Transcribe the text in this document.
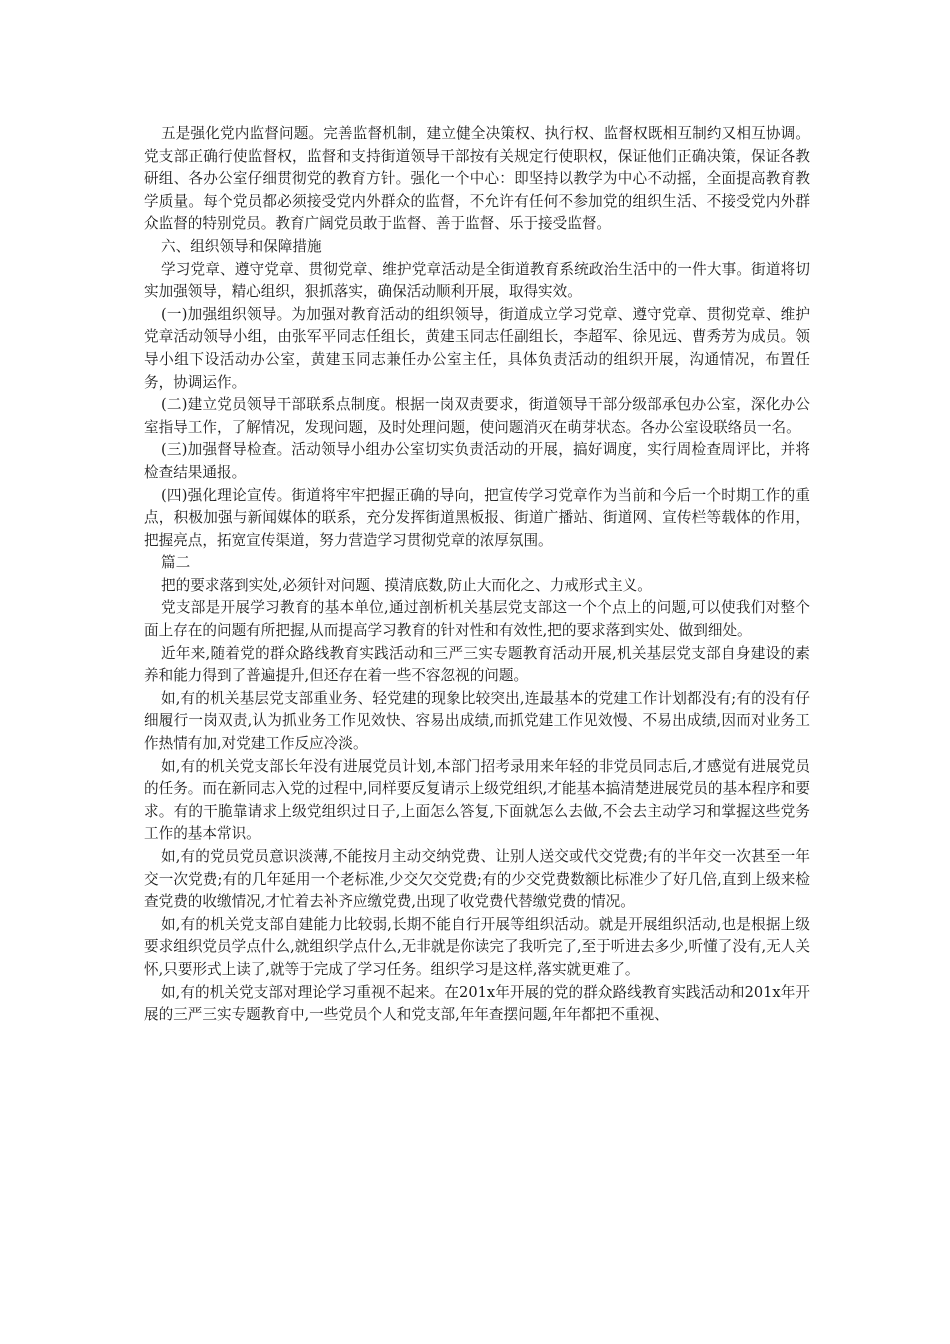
五是强化党内监督问题。完善监督机制，建立健全决策权、执行权、监督权既相互制约又相互协调。党支部正确行使监督权，监督和支持街道领导干部按有关规定行使职权，保证他们正确决策，保证各教研组、各办公室仔细贯彻党的教育方针。强化一个中心：即坚持以教学为中心不动摇，全面提高教育教学质量。每个党员都必须接受党内外群众的监督，不允许有任何不参加党的组织生活、不接受党内外群众监督的特别党员。教育广阔党员敢于监督、善于监督、乐于接受监督。

六、组织领导和保障措施

学习党章、遵守党章、贯彻党章、维护党章活动是全街道教育系统政治生活中的一件大事。街道将切实加强领导，精心组织，狠抓落实，确保活动顺利开展，取得实效。

(一)加强组织领导。为加强对教育活动的组织领导，街道成立学习党章、遵守党章、贯彻党章、维护党章活动领导小组，由张军平同志任组长，黄建玉同志任副组长，李超军、徐见远、曹秀芳为成员。领导小组下设活动办公室，黄建玉同志兼任办公室主任，具体负责活动的组织开展，沟通情况，布置任务，协调运作。

(二)建立党员领导干部联系点制度。根据一岗双责要求，街道领导干部分级部承包办公室，深化办公室指导工作，了解情况，发现问题，及时处理问题，使问题消灭在萌芽状态。各办公室设联络员一名。

(三)加强督导检查。活动领导小组办公室切实负责活动的开展，搞好调度，实行周检查周评比，并将检查结果通报。

(四)强化理论宣传。街道将牢牢把握正确的导向，把宣传学习党章作为当前和今后一个时期工作的重点，积极加强与新闻媒体的联系，充分发挥街道黑板报、街道广播站、街道网、宣传栏等载体的作用，把握亮点，拓宽宣传渠道，努力营造学习贯彻党章的浓厚氛围。

篇二

把的要求落到实处,必须针对问题、摸清底数,防止大而化之、力戒形式主义。

党支部是开展学习教育的基本单位,通过剖析机关基层党支部这一个个点上的问题,可以使我们对整个面上存在的问题有所把握,从而提高学习教育的针对性和有效性,把的要求落到实处、做到细处。

近年来,随着党的群众路线教育实践活动和三严三实专题教育活动开展,机关基层党支部自身建设的素养和能力得到了普遍提升,但还存在着一些不容忽视的问题。

如,有的机关基层党支部重业务、轻党建的现象比较突出,连最基本的党建工作计划都没有;有的没有仔细履行一岗双责,认为抓业务工作见效快、容易出成绩,而抓党建工作见效慢、不易出成绩,因而对业务工作热情有加,对党建工作反应冷淡。

如,有的机关党支部长年没有进展党员计划,本部门招考录用来年轻的非党员同志后,才感觉有进展党员的任务。而在新同志入党的过程中,同样要反复请示上级党组织,才能基本搞清楚进展党员的基本程序和要求。有的干脆靠请求上级党组织过日子,上面怎么答复,下面就怎么去做,不会去主动学习和掌握这些党务工作的基本常识。

如,有的党员党员意识淡薄,不能按月主动交纳党费、让别人送交或代交党费;有的半年交一次甚至一年交一次党费;有的几年延用一个老标准,少交欠交党费;有的少交党费数额比标准少了好几倍,直到上级来检查党费的收缴情况,才忙着去补齐应缴党费,出现了收党费代替缴党费的情况。

如,有的机关党支部自建能力比较弱,长期不能自行开展等组织活动。就是开展组织活动,也是根据上级要求组织党员学点什么,就组织学点什么,无非就是你读完了我听完了,至于听进去多少,听懂了没有,无人关怀,只要形式上读了,就等于完成了学习任务。组织学习是这样,落实就更难了。

如,有的机关党支部对理论学习重视不起来。在201x年开展的党的群众路线教育实践活动和201x年开展的三严三实专题教育中,一些党员个人和党支部,年年查摆问题,年年都把不重视、
